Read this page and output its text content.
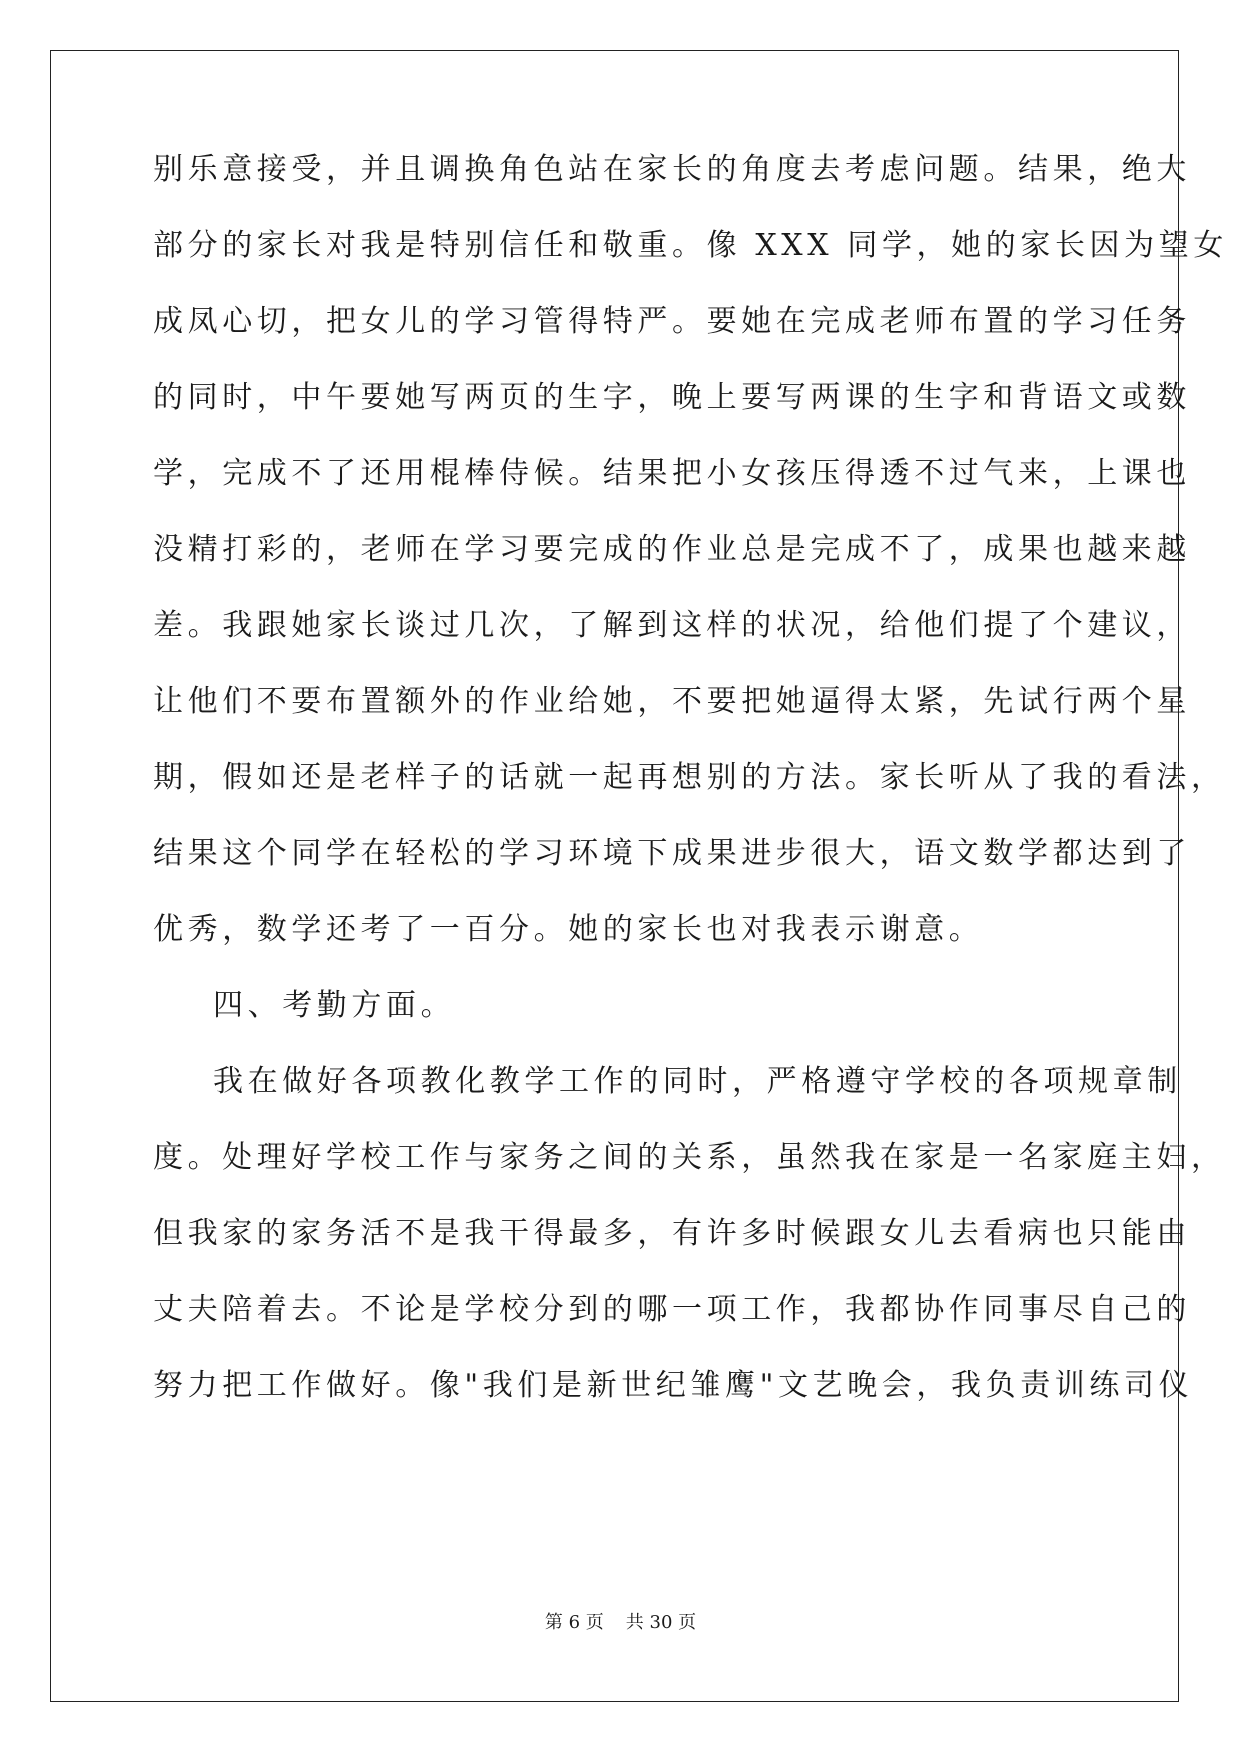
别乐意接受，并且调换角色站在家长的角度去考虑问题。结果，绝大
部分的家长对我是特别信任和敬重。像 XXX 同学，她的家长因为望女
成凤心切，把女儿的学习管得特严。要她在完成老师布置的学习任务
的同时，中午要她写两页的生字，晚上要写两课的生字和背语文或数
学，完成不了还用棍棒侍候。结果把小女孩压得透不过气来，上课也
没精打彩的，老师在学习要完成的作业总是完成不了，成果也越来越
差。我跟她家长谈过几次，了解到这样的状况，给他们提了个建议，
让他们不要布置额外的作业给她，不要把她逼得太紧，先试行两个星
期，假如还是老样子的话就一起再想别的方法。家长听从了我的看法，
结果这个同学在轻松的学习环境下成果进步很大，语文数学都达到了
优秀，数学还考了一百分。她的家长也对我表示谢意。
四、考勤方面。
我在做好各项教化教学工作的同时，严格遵守学校的各项规章制
度。处理好学校工作与家务之间的关系，虽然我在家是一名家庭主妇，
但我家的家务活不是我干得最多，有许多时候跟女儿去看病也只能由
丈夫陪着去。不论是学校分到的哪一项工作，我都协作同事尽自己的
努力把工作做好。像"我们是新世纪雏鹰"文艺晚会，我负责训练司仪
第 6 页 共 30 页
